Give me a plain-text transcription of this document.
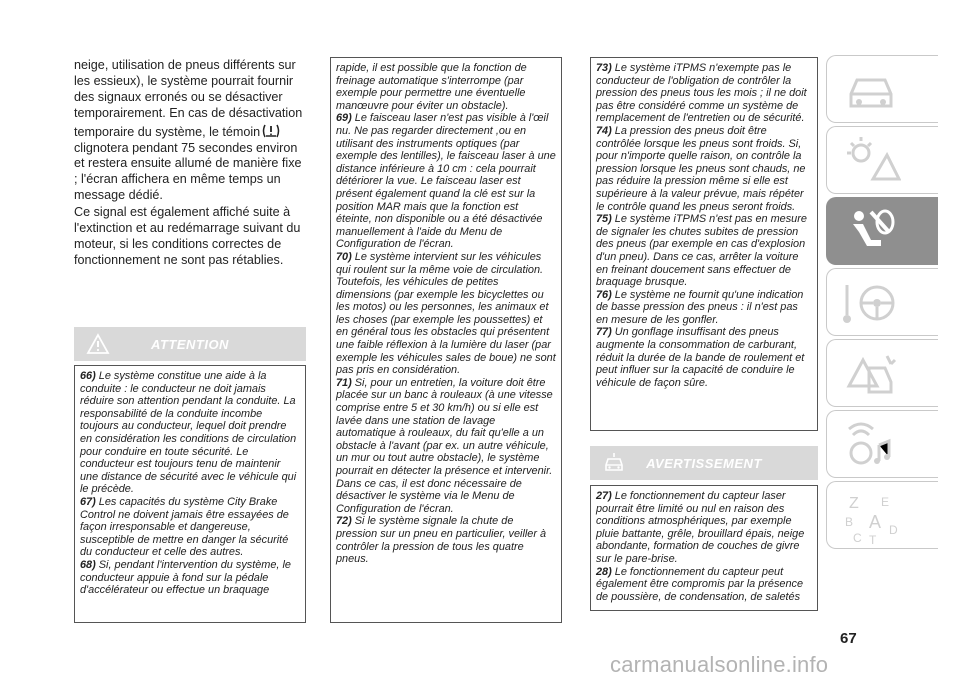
neige, utilisation de pneus différents sur les essieux), le système pourrait fournir des signaux erronés ou se désactiver temporairement. En cas de désactivation temporaire du système, le témoin clignotera pendant 75 secondes environ et restera ensuite allumé de manière fixe ; l'écran affichera en même temps un message dédié.

Ce signal est également affiché suite à l'extinction et au redémarrage suivant du moteur, si les conditions correctes de fonctionnement ne sont pas rétablies.

ATTENTION

66) Le système constitue une aide à la conduite : le conducteur ne doit jamais réduire son attention pendant la conduite. La responsabilité de la conduite incombe toujours au conducteur, lequel doit prendre en considération les conditions de circulation pour conduire en toute sécurité. Le conducteur est toujours tenu de maintenir une distance de sécurité avec le véhicule qui le précède.

67) Les capacités du système City Brake Control ne doivent jamais être essayées de façon irresponsable et dangereuse, susceptible de mettre en danger la sécurité du conducteur et celle des autres.

68) Si, pendant l'intervention du système, le conducteur appuie à fond sur la pédale d'accélérateur ou effectue un braquage

rapide, il est possible que la fonction de freinage automatique s'interrompe (par exemple pour permettre une éventuelle manœuvre pour éviter un obstacle).

69) Le faisceau laser n'est pas visible à l'œil nu. Ne pas regarder directement ,ou en utilisant des instruments optiques (par exemple des lentilles), le faisceau laser à une distance inférieure à 10 cm : cela pourrait détériorer la vue. Le faisceau laser est présent également quand la clé est sur la position MAR mais que la fonction est éteinte, non disponible ou a été désactivée manuellement à l'aide du Menu de Configuration de l'écran.

70) Le système intervient sur les véhicules qui roulent sur la même voie de circulation. Toutefois, les véhicules de petites dimensions (par exemple les bicyclettes ou les motos) ou les personnes, les animaux et les choses (par exemple les poussettes) et en général tous les obstacles qui présentent une faible réflexion à la lumière du laser (par exemple les véhicules sales de boue) ne sont pas pris en considération.

71) Si, pour un entretien, la voiture doit être placée sur un banc à rouleaux (à une vitesse comprise entre 5 et 30 km/h) ou si elle est lavée dans une station de lavage automatique à rouleaux, du fait qu'elle a un obstacle à l'avant (par ex. un autre véhicule, un mur ou tout autre obstacle), le système pourrait en détecter la présence et intervenir. Dans ce cas, il est donc nécessaire de désactiver le système via le Menu de Configuration de l'écran.

72) Si le système signale la chute de pression sur un pneu en particulier, veiller à contrôler la pression de tous les quatre pneus.

73) Le système iTPMS n'exempte pas le conducteur de l'obligation de contrôler la pression des pneus tous les mois ; il ne doit pas être considéré comme un système de remplacement de l'entretien ou de sécurité.

74) La pression des pneus doit être contrôlée lorsque les pneus sont froids. Si, pour n'importe quelle raison, on contrôle la pression lorsque les pneus sont chauds, ne pas réduire la pression même si elle est supérieure à la valeur prévue, mais répéter le contrôle quand les pneus seront froids.

75) Le système iTPMS n'est pas en mesure de signaler les chutes subites de pression des pneus (par exemple en cas d'explosion d'un pneu). Dans ce cas, arrêter la voiture en freinant doucement sans effectuer de braquage brusque.

76) Le système ne fournit qu'une indication de basse pression des pneus : il n'est pas en mesure de les gonfler.

77) Un gonflage insuffisant des pneus augmente la consommation de carburant, réduit la durée de la bande de roulement et peut influer sur la capacité de conduire le véhicule de façon sûre.

AVERTISSEMENT

27) Le fonctionnement du capteur laser pourrait être limité ou nul en raison des conditions atmosphériques, par exemple pluie battante, grêle, brouillard épais, neige abondante, formation de couches de givre sur le pare-brise.

28) Le fonctionnement du capteur peut également être compromis par la présence de poussière, de condensation, de saletés

Z E
B A
C T
D
67
carmanualsonline.info
